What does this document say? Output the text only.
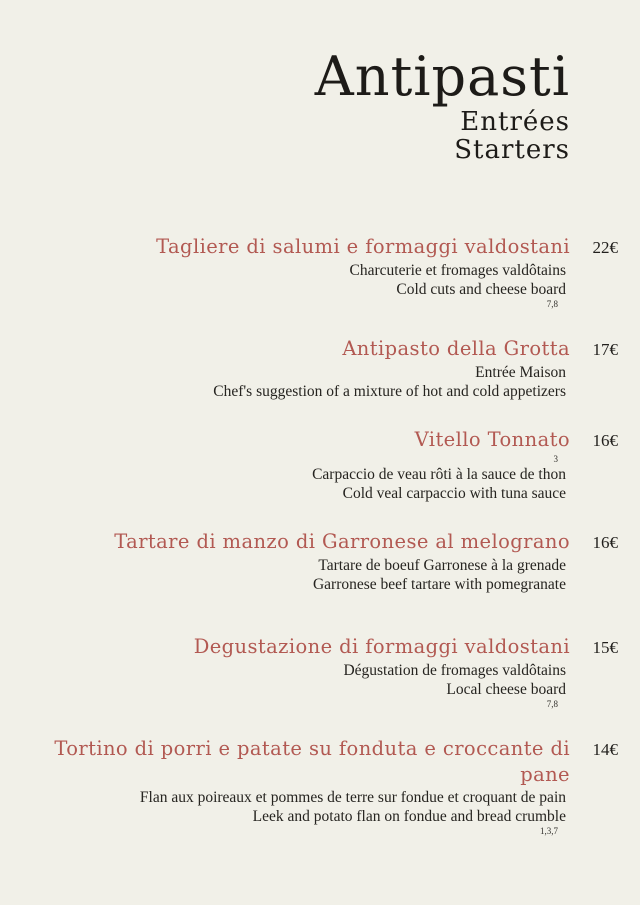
Antipasti
Entrées
Starters
Tagliere di salumi e formaggi valdostani	22€
Charcuterie et fromages valdôtains
Cold cuts and cheese board
7,8
Antipasto della Grotta	17€
Entrée Maison
Chef's suggestion of a mixture of hot and cold appetizers
Vitello Tonnato	16€
3
Carpaccio de veau rôti à la sauce de thon
Cold veal carpaccio with tuna sauce
Tartare di manzo di Garronese al melograno	16€
Tartare de boeuf Garronese à la grenade
Garronese beef tartare with pomegranate
Degustazione di formaggi valdostani	15€
Dégustation de fromages valdôtains
Local cheese board
7,8
Tortino di porri e patate su fonduta e croccante di pane
14€
Flan aux poireaux et pommes de terre sur fondue et croquant de pain
Leek and potato flan on fondue and bread crumble
1,3,7
